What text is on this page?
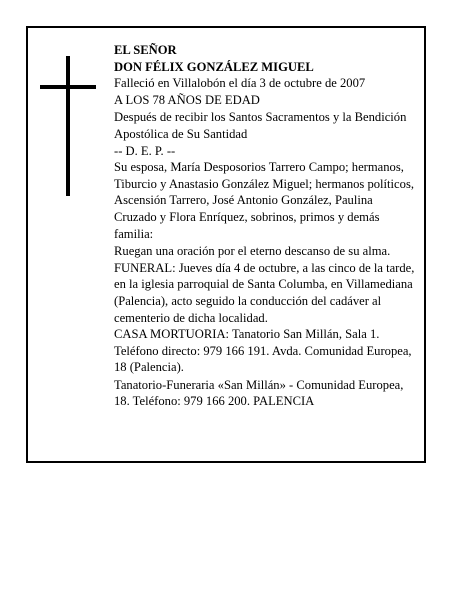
EL SEÑOR

DON FÉLIX GONZÁLEZ MIGUEL

Falleció en Villalobón el día 3 de octubre de 2007

A LOS 78 AÑOS DE EDAD

Después de recibir los Santos Sacramentos y la Bendición Apostólica de Su Santidad

-- D. E. P. --

Su esposa, María Desposorios Tarrero Campo; hermanos, Tiburcio y Anastasio González Miguel; hermanos políticos, Ascensión Tarrero, José Antonio González, Paulina Cruzado y Flora Enríquez, sobrinos, primos y demás familia:

Ruegan una oración por el eterno descanso de su alma.

FUNERAL: Jueves día 4 de octubre, a las cinco de la tarde, en la iglesia parroquial de Santa Columba, en Villamediana (Palencia), acto seguido la conducción del cadáver al cementerio de dicha localidad.

CASA MORTUORIA: Tanatorio San Millán, Sala 1. Teléfono directo: 979 166 191. Avda. Comunidad Europea, 18 (Palencia).

Tanatorio-Funeraria «San Millán» - Comunidad Europea, 18. Teléfono: 979 166 200. PALENCIA
